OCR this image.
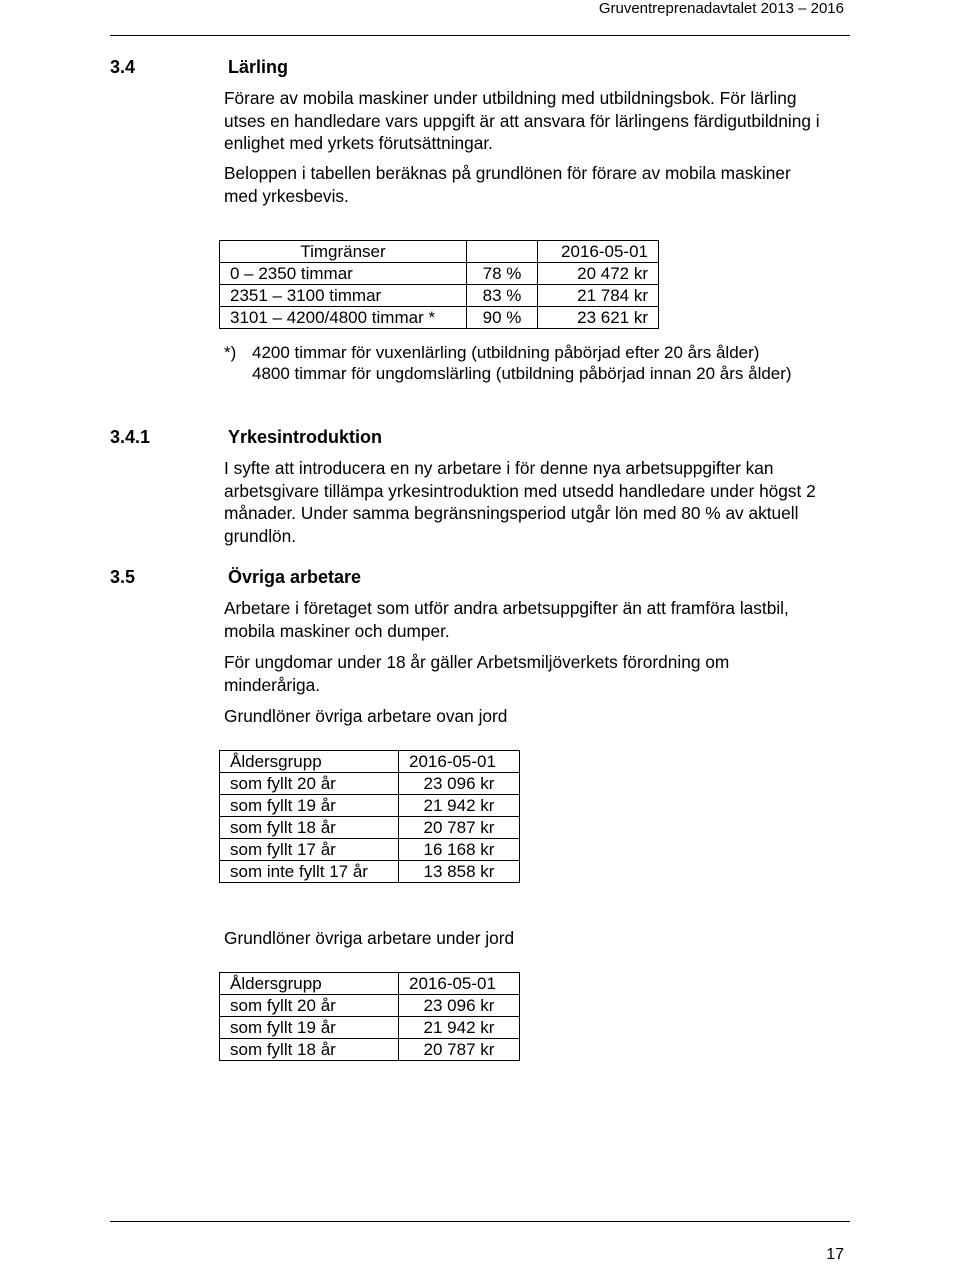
Gruventreprenadavtalet 2013 – 2016
3.4	Lärling
Förare av mobila maskiner under utbildning med utbildningsbok. För lärling utses en handledare vars uppgift är att ansvara för lärlingens färdigutbildning i enlighet med yrkets förutsättningar.
Beloppen i tabellen beräknas på grundlönen för förare av mobila maskiner med yrkesbevis.
Timgränser		2016-05-01
0 – 2350 timmar	78 %	20 472 kr
2351 – 3100 timmar	83 %	21 784 kr
3101 – 4200/4800 timmar *	90 %	23 621 kr
*) 4200 timmar för vuxenlärling (utbildning påbörjad efter 20 års ålder)
4800 timmar för ungdomslärling (utbildning påbörjad innan 20 års ålder)
3.4.1	Yrkesintroduktion
I syfte att introducera en ny arbetare i för denne nya arbetsuppgifter kan arbetsgivare tillämpa yrkesintroduktion med utsedd handledare under högst 2 månader. Under samma begränsningsperiod utgår lön med 80 % av aktuell grundlön.
3.5	Övriga arbetare
Arbetare i företaget som utför andra arbetsuppgifter än att framföra lastbil, mobila maskiner och dumper.
För ungdomar under 18 år gäller Arbetsmiljöverkets förordning om minderåriga.
Grundlöner övriga arbetare ovan jord
Åldersgrupp	2016-05-01
som fyllt 20 år	23 096 kr
som fyllt 19 år	21 942 kr
som fyllt 18 år	20 787 kr
som fyllt 17 år	16 168 kr
som inte fyllt 17 år	13 858 kr
Grundlöner övriga arbetare under jord
Åldersgrupp	2016-05-01
som fyllt 20 år	23 096 kr
som fyllt 19 år	21 942 kr
som fyllt 18 år	20 787 kr
17
